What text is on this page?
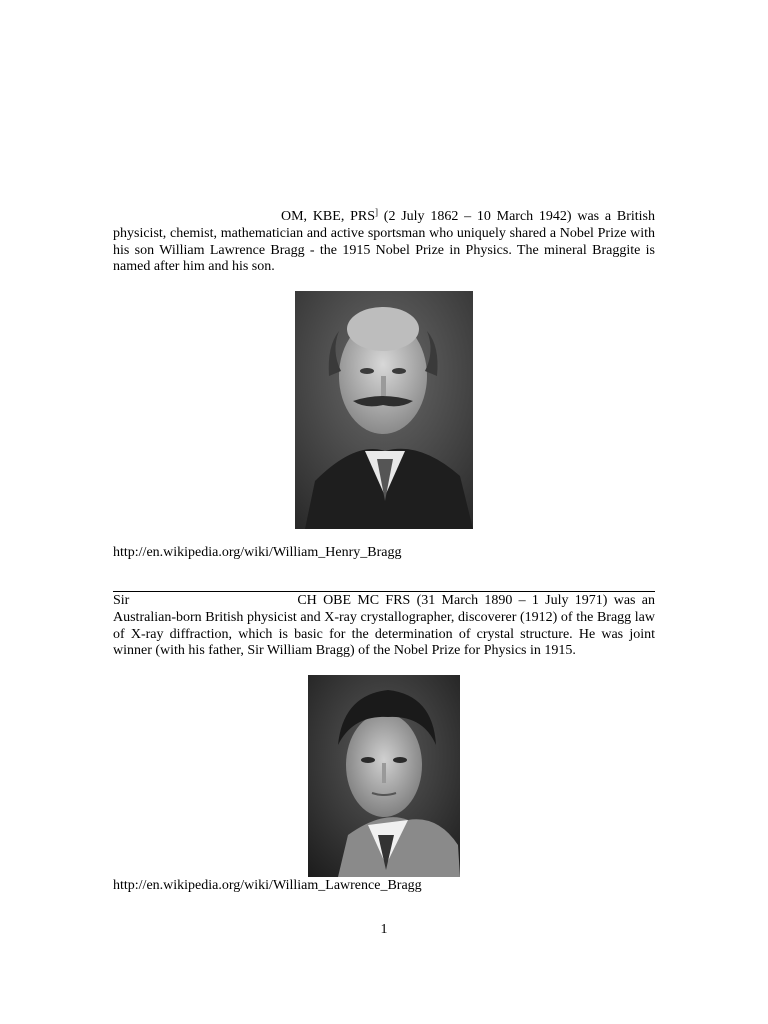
OM, KBE, PRS] (2 July 1862 – 10 March 1942) was a British physicist, chemist, mathematician and active sportsman who uniquely shared a Nobel Prize with his son William Lawrence Bragg - the 1915 Nobel Prize in Physics. The mineral Braggite is named after him and his son.

http://en.wikipedia.org/wiki/William_Henry_Bragg

Sir	CH OBE MC FRS (31 March 1890 – 1 July 1971) was an Australian-born British physicist and X-ray crystallographer, discoverer (1912) of the Bragg law of X-ray diffraction, which is basic for the determination of crystal structure. He was joint winner (with his father, Sir William Bragg) of the Nobel Prize for Physics in 1915.

http://en.wikipedia.org/wiki/William_Lawrence_Bragg
1
